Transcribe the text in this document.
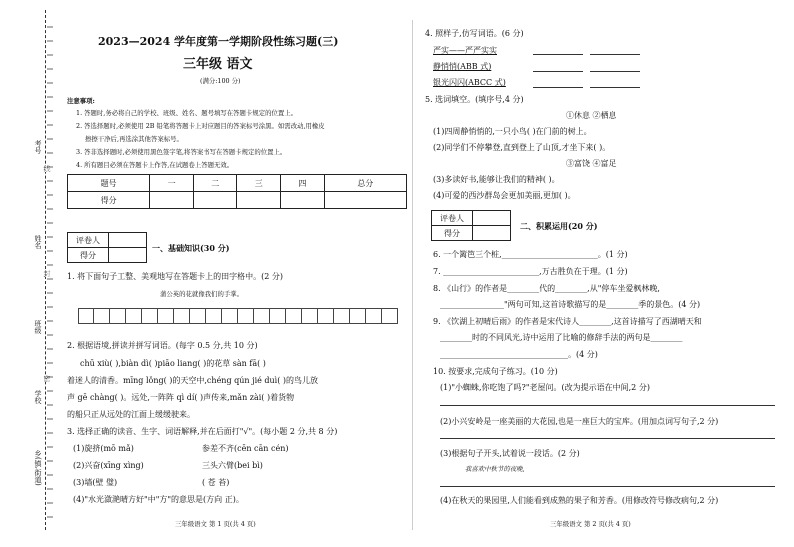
考号
姓名
班级
学校
乡(镇,街道)
2023—2024 学年度第一学期阶段性练习题(三)
三年级 语文
(满分:100 分)
注意事项:
1. 答题时,务必将自己的学校、班级、姓名、题号填写在答题卡规定的位置上。
2. 答选择题时,必须使用 2B 铅笔将答题卡上对应题目的答案标号涂黑。如需改动,用橡皮
擦擦干净后,再选涂其他答案标号。
3. 答非选择题时,必须使用黑色签字笔,将答案书写在答题卡规定的位置上。
4. 所有题目必须在答题卡上作答,在试题卷上答题无效。
题号	一	二	三	四	总分
得分					
评卷人	
得分	
一、基础知识(30 分)
1. 将下面句子工整、美观地写在答题卡上的田字格中。(2 分)
蒲公英的花就像我们的手掌。
2. 根据语境,拼读并拼写词语。(每字 0.5 分,共 10 分)
chū xiù( ),biàn dì( )piāo liang( )的花草 sàn fā( )
着迷人的清香。mīng lǒng( )的天空中,chéng qún jié duì( )的鸟儿放
声 gē chàng( )。远处,一阵阵 qì dí( )声传来,mǎn zài( )着货物
的船只正从远处的江面上缓缓驶来。
3. 选择正确的读音、生字、词语解释,并在后面打"√"。(每小题 2 分,共 8 分)
(1)旋挤(mō mǎ)	参差不齐(cēn cān cén)
(2)兴奋(xīng xìng)	三头六臂(bei bì)
(3)墙(壁 璧)	( 苍 苔)
(4)"水光潋滟晴方好"中"方"的意思是(方向 正)。
三年级语文 第 1 页(共 4 页)
4. 照样子,仿写词语。(6 分)
严实——严严实实
静悄悄(ABB 式)
银光闪闪(ABCC 式)
5. 选词填空。(填序号,4 分)
①休息 ②栖息
(1)四周静悄悄的,一只小鸟( )在门前的树上。
(2)同学们不停攀登,直到登上了山顶,才坐下来( )。
③富饶 ④富足
(3)多读好书,能够让我们的精神( )。
(4)可爱的西沙群岛会更加美丽,更加( )。
评卷人	
得分	
二、积累运用(20 分)
6. 一个篱笆三个桩,________________________。(1 分)
7. ________________________,万古胜负在于理。(1 分)
8. 《山行》的作者是________代的________,从"停车坐爱枫林晚,
________________"两句可知,这首诗歌描写的是________季的景色。(4 分)
9. 《饮湖上初晴后雨》的作者是宋代诗人________,这首诗描写了西湖晴天和
________时的不同风光,诗中运用了比喻的修辞手法的两句是________
________________________________。(4 分)
10. 按要求,完成句子练习。(10 分)
(1)"小蜘蛛,你吃饱了吗?"老屋问。(改为提示语在中间,2 分)
(2)小兴安岭是一座美丽的大花园,也是一座巨大的宝库。(用加点词写句子,2 分)
(3)根据句子开头,试着说一段话。(2 分)
我喜欢中秋节的夜晚,
(4)在秋天的果园里,人们能看到成熟的果子和芳香。(用修改符号修改病句,2 分)
三年级语文 第 2 页(共 4 页)
